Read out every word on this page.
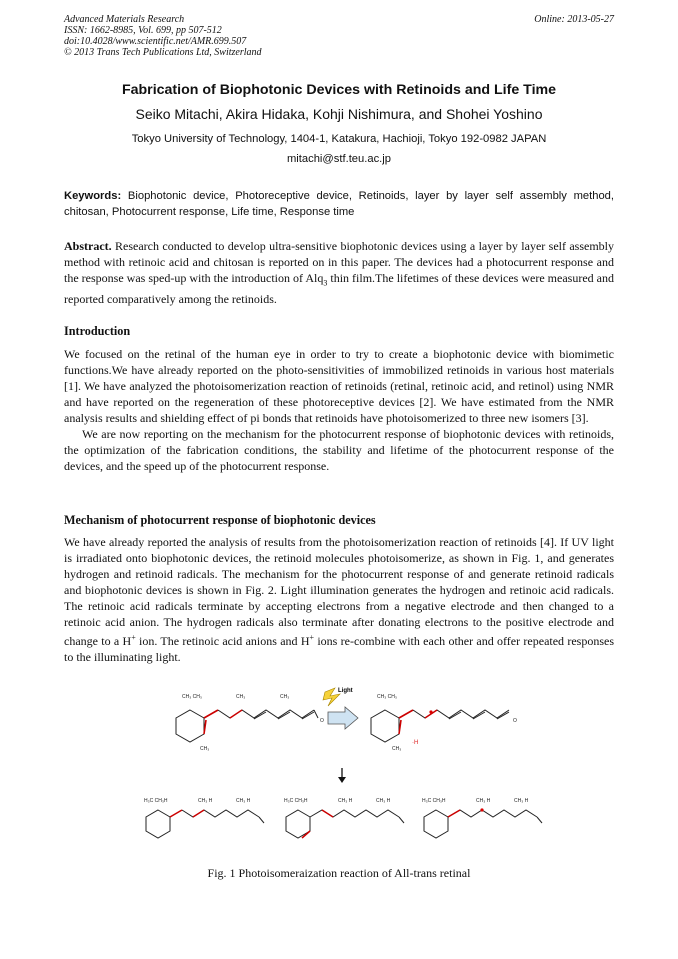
Advanced Materials Research
ISSN: 1662-8985, Vol. 699, pp 507-512
doi:10.4028/www.scientific.net/AMR.699.507
© 2013 Trans Tech Publications Ltd, Switzerland
Online: 2013-05-27
Fabrication of Biophotonic Devices with Retinoids and Life Time
Seiko Mitachi, Akira Hidaka, Kohji Nishimura, and Shohei Yoshino
Tokyo University of Technology, 1404-1, Katakura, Hachioji, Tokyo 192-0982 JAPAN
mitachi@stf.teu.ac.jp
Keywords: Biophotonic device, Photoreceptive device, Retinoids, layer by layer self assembly method, chitosan, Photocurrent response, Life time, Response time
Abstract. Research conducted to develop ultra-sensitive biophotonic devices using a layer by layer self assembly method with retinoic acid and chitosan is reported on in this paper. The devices had a photocurrent response and the response was sped-up with the introduction of Alq$_3$ thin film.The lifetimes of these devices were measured and reported comparatively among the retinoids.
Introduction
We focused on the retinal of the human eye in order to try to create a biophotonic device with biomimetic functions.We have already reported on the photo-sensitivities of immobilized retinoids in various host materials [1]. We have analyzed the photoisomerization reaction of retinoids (retinal, retinoic acid, and retinol) using NMR and have reported on the regeneration of these photoreceptive devices [2]. We have estimated from the NMR analysis results and shielding effect of pi bonds that retinoids have photoisomerized to three new isomers [3].
We are now reporting on the mechanism for the photocurrent response of biophotonic devices with retinoids, the optimization of the fabrication conditions, the stability and lifetime of the photocurrent response of the devices, and the speed up of the photocurrent response.
Mechanism of photocurrent response of biophotonic devices
We have already reported the analysis of results from the photoisomerization reaction of retinoids [4]. If UV light is irradiated onto biophotonic devices, the retinoid molecules photoisomerize, as shown in Fig. 1, and generates hydrogen and retinoid radicals. The mechanism for the photocurrent response of and generate retinoid radicals and biophotonic devices is shown in Fig. 2. Light illumination generates the hydrogen and retinoic acid radicals. The retinoic acid radicals terminate by accepting electrons from a negative electrode and then changed to a retinoic acid anion. The hydrogen radicals also terminate after donating electrons to the positive electrode and change to a H+ ion. The retinoic acid anions and H+ ions re-combine with each other and offer repeated responses to the illuminating light.
CH₃ CH₃
CH₃
CH₃	CH₃
O
Light
CH₃ CH₃
CH₃
·H
O
H₃C CH₃H	CH₃ H	CH₃ H	H₃C CH₃H	CH₃ H	CH₃ H	H₃C CH₃H	CH₃ H	CH₃ H
Fig. 1 Photoisomeraization reaction of All-trans retinal
